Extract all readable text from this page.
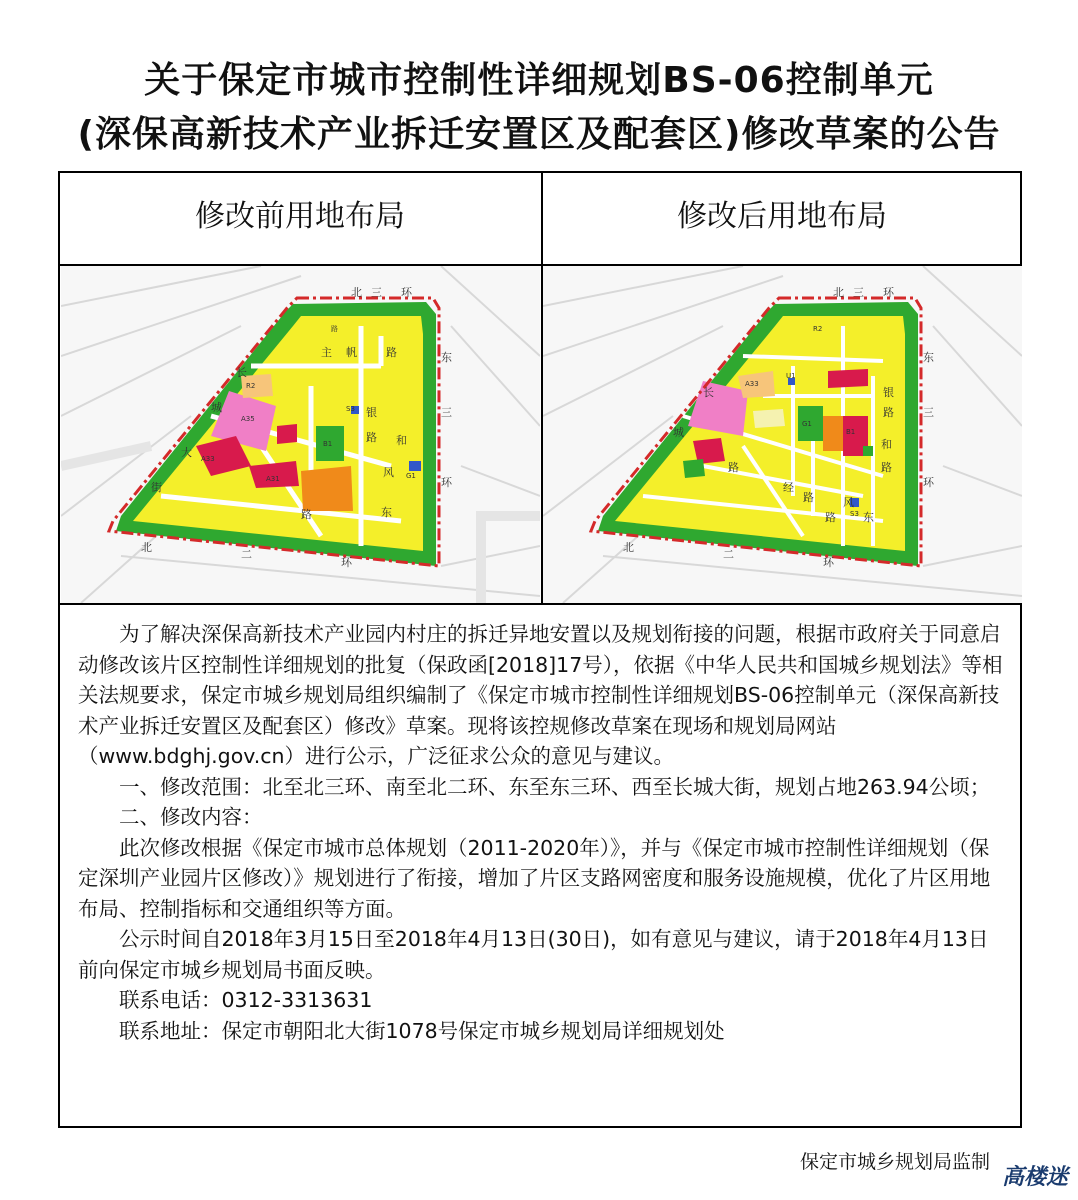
关于保定市城市控制性详细规划BS-06控制单元
(深保高新技术产业拆迁安置区及配套区)修改草案的公告
修改前用地布局	修改后用地布局
北 三 环
东
三
环
长
城
大
街
北
二
环
主 帆	路
银
路 和
风
路	东
路
R2
A33
A35
A31
B1
G1
S3
北 三 环
东
三
环
长
城
北
二
环
银
路
和
路
风
路 东
路
经
路
R2
A33
B1
G1
S3
U1

为了解决深保高新技术产业园内村庄的拆迁异地安置以及规划衔接的问题，根据市政府关于同意启动修改该片区控制性详细规划的批复（保政函[2018]17号），依据《中华人民共和国城乡规划法》等相关法规要求，保定市城乡规划局组织编制了《保定市城市控制性详细规划BS-06控制单元（深保高新技术产业拆迁安置区及配套区）修改》草案。现将该控规修改草案在现场和规划局网站（www.bdghj.gov.cn）进行公示，广泛征求公众的意见与建议。

一、修改范围：北至北三环、南至北二环、东至东三环、西至长城大街，规划占地263.94公顷；

二、修改内容：

此次修改根据《保定市城市总体规划（2011-2020年）》，并与《保定市城市控制性详细规划（保定深圳产业园片区修改）》规划进行了衔接，增加了片区支路网密度和服务设施规模，优化了片区用地布局、控制指标和交通组织等方面。

公示时间自2018年3月15日至2018年4月13日(30日)，如有意见与建议，请于2018年4月13日前向保定市城乡规划局书面反映。

联系电话：0312-3313631

联系地址：保定市朝阳北大街1078号保定市城乡规划局详细规划处

保定市城乡规划局监制
高楼迷
